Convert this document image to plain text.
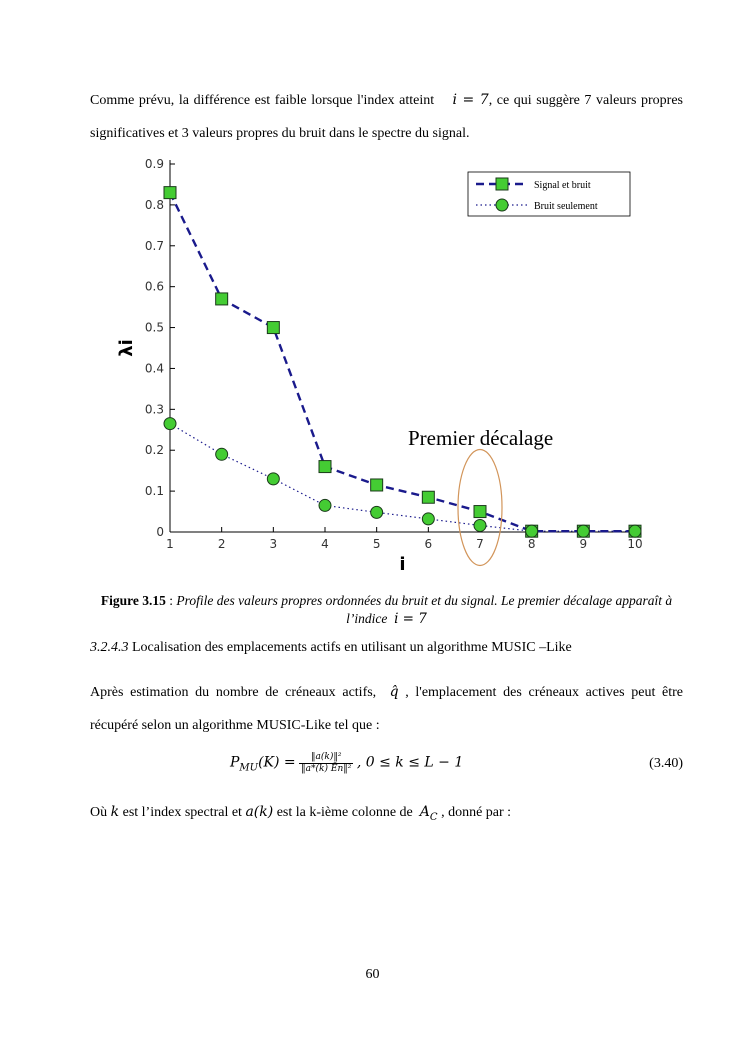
Comme prévu, la différence est faible lorsque l'index atteint i = 7, ce qui suggère 7 valeurs propres significatives et 3 valeurs propres du bruit dans le spectre du signal.

0
0.1
0.2
0.3
0.4
0.5
0.6
0.7
0.8
0.9
1	2	3	4	5	6	7	8	9	10
i
λi
Premier décalage
Signal et bruit
Bruit seulement
Figure 3.15 : Profile des valeurs propres ordonnées du bruit et du signal. Le premier décalage apparaît à l’indice i = 7

3.2.4.3 Localisation des emplacements actifs en utilisant un algorithme MUSIC –Like

Après estimation du nombre de créneaux actifs, q̂ , l'emplacement des créneaux actives peut être récupéré selon un algorithme MUSIC-Like tel que :

$P_{MU}(K) = \frac{\text{‖a(k)‖²}}{\text{‖a*(k) Ēn‖²}}$ , 0 ≤ k ≤ L − 1	(3.40)

Où k est l’index spectral et a(k) est la k-ième colonne de $A_C$ , donné par :

60
